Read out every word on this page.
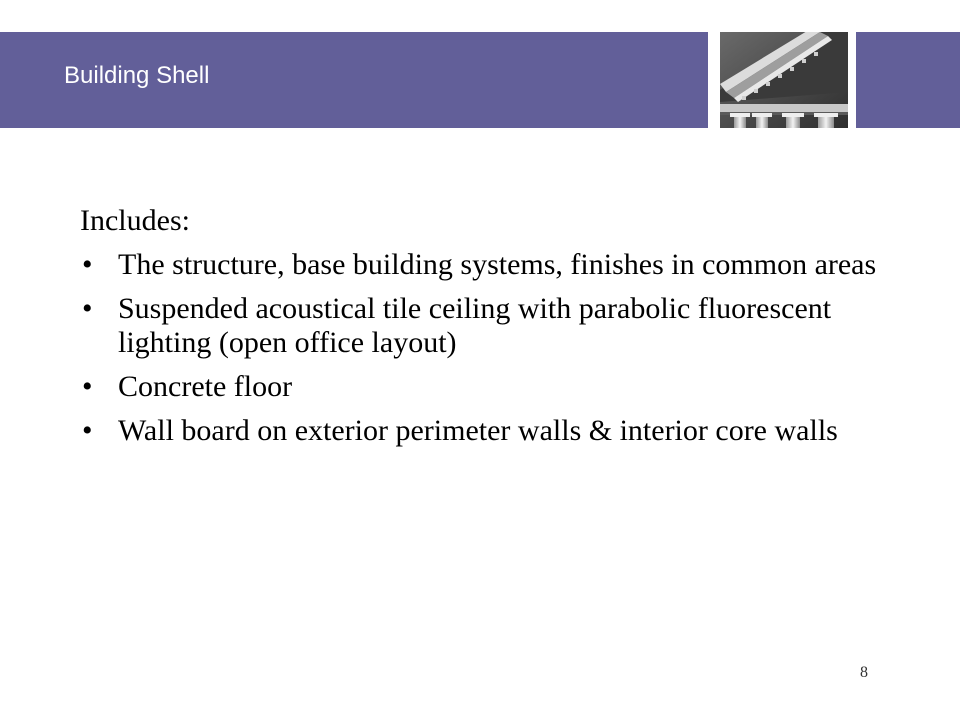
Building Shell
Includes:
• The structure, base building systems, finishes in common areas
• Suspended acoustical tile ceiling with parabolic fluorescent lighting (open office layout)
• Concrete floor
• Wall board on exterior perimeter walls & interior core walls
8
